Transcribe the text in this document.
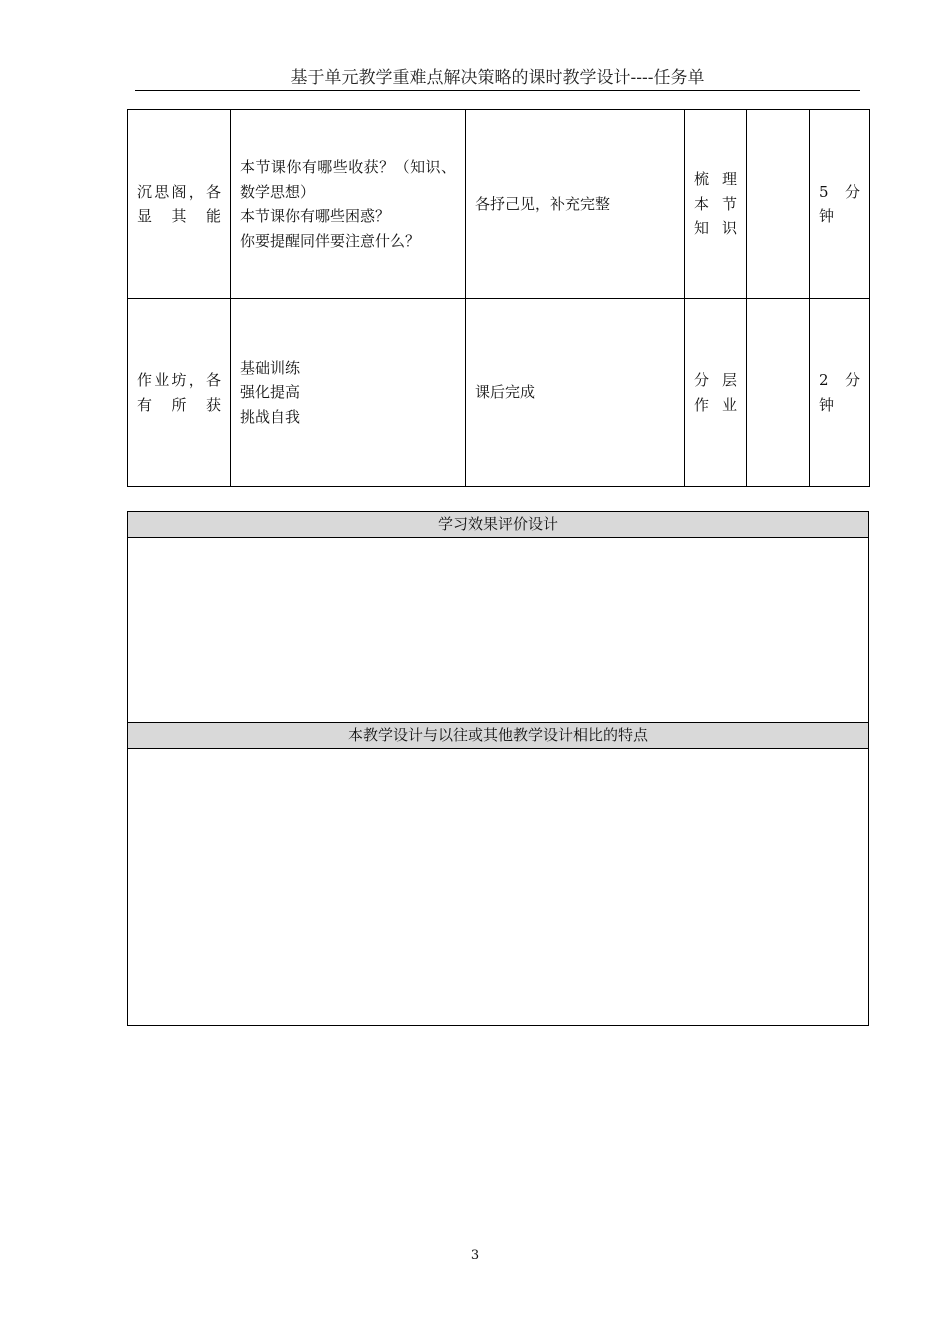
基于单元教学重难点解决策略的课时教学设计----任务单
沉思阁，各显其能	本节课你有哪些收获？（知识、数学思想）
本节课你有哪些困惑？
你要提醒同伴要注意什么？	各抒己见，补充完整	梳理本节知识		5 分钟
作业坊，各有所获	基础训练
强化提高
挑战自我	课后完成	分层作业		2 分钟
学习效果评价设计

本教学设计与以往或其他教学设计相比的特点

3
